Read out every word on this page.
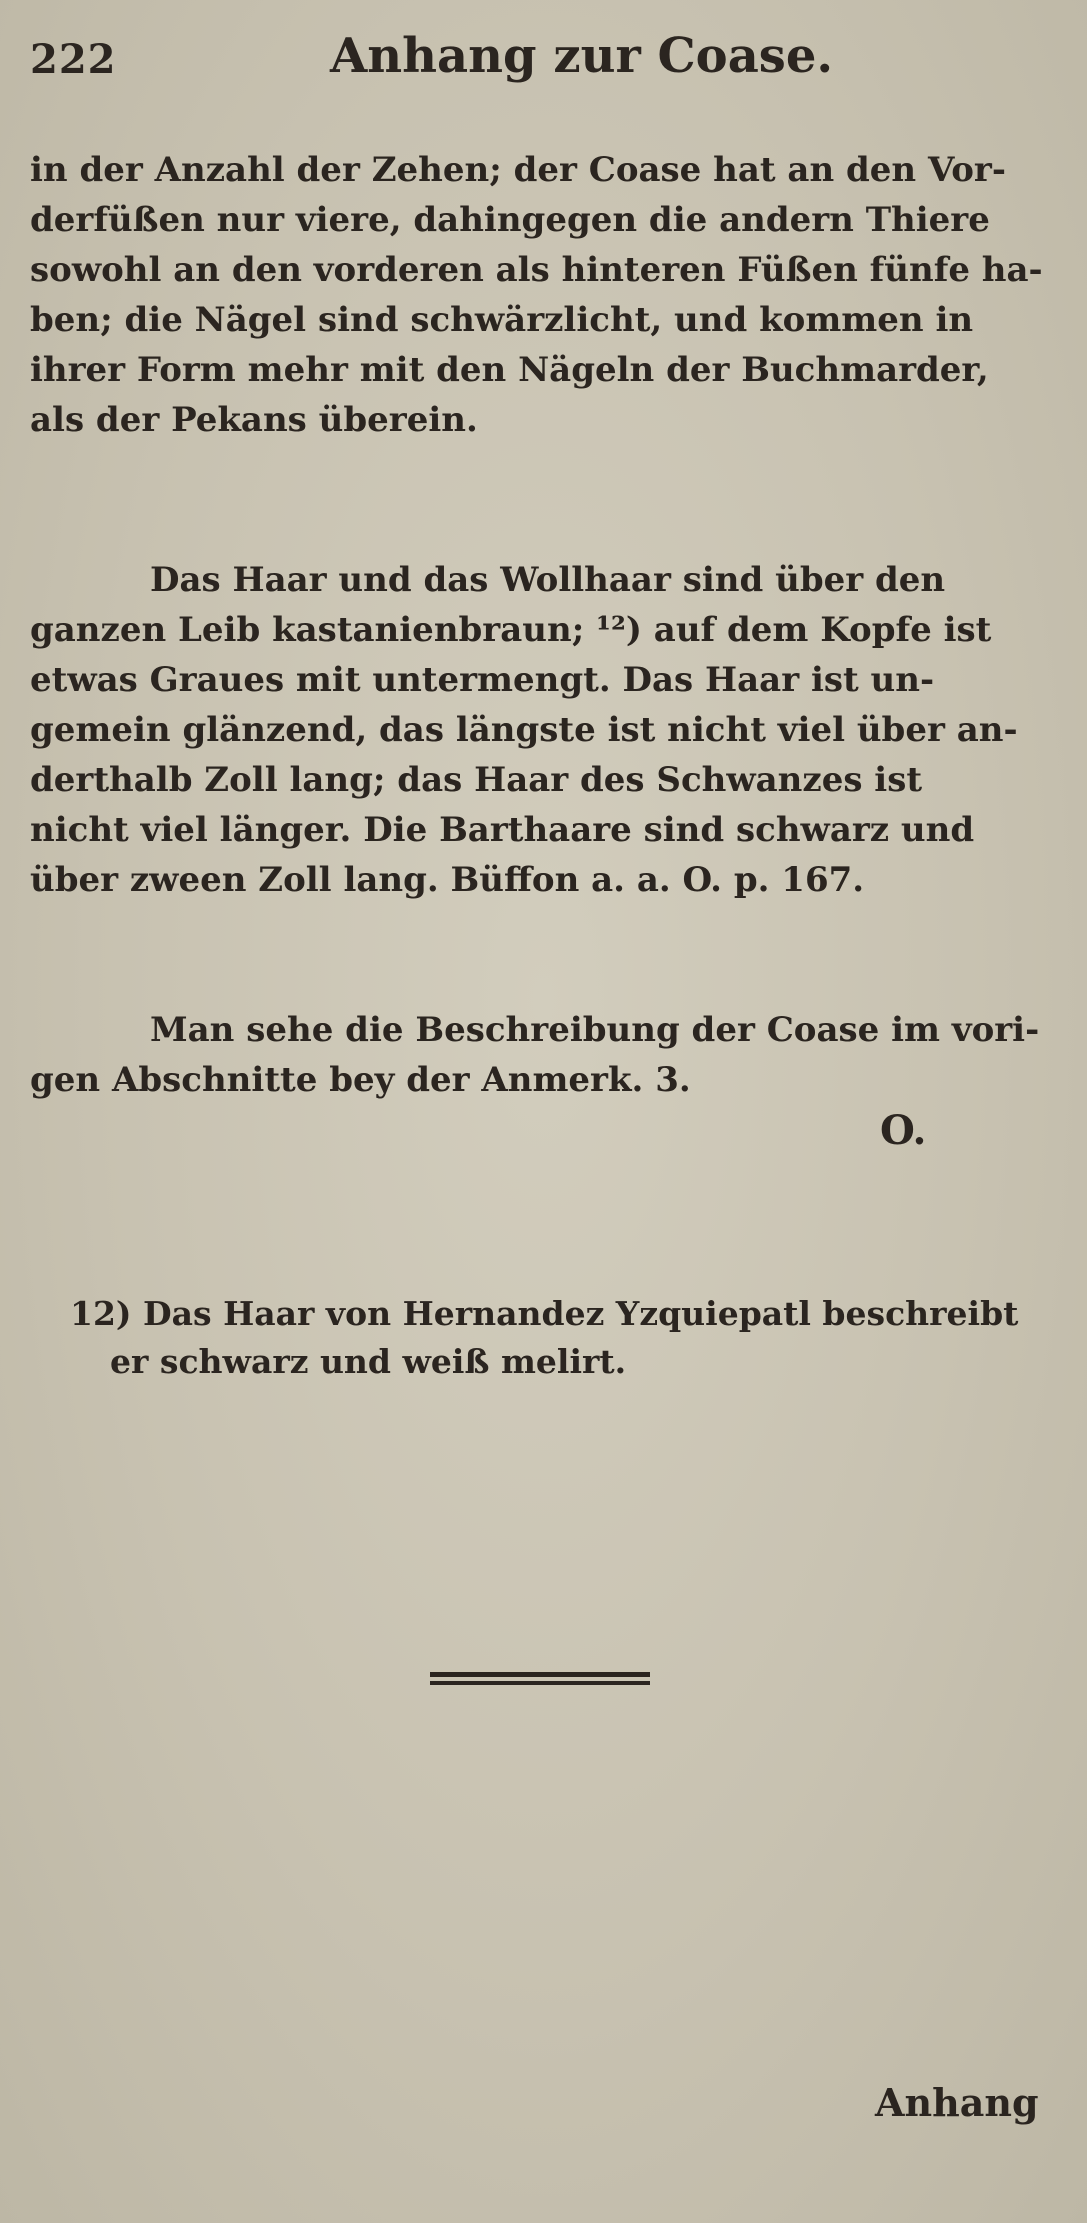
222	Anhang zur Coase.
in der Anzahl der Zehen; der Coase hat an den Vor-
derfüßen nur viere, dahingegen die andern Thiere
sowohl an den vorderen als hinteren Füßen fünfe ha-
ben; die Nägel sind schwärzlicht, und kommen in
ihrer Form mehr mit den Nägeln der Buchmarder,
als der Pekans überein.
Das Haar und das Wollhaar sind über den
ganzen Leib kastanienbraun; ¹²) auf dem Kopfe ist
etwas Graues mit untermengt. Das Haar ist un-
gemein glänzend, das längste ist nicht viel über an-
derthalb Zoll lang; das Haar des Schwanzes ist
nicht viel länger. Die Barthaare sind schwarz und
über zween Zoll lang. Büffon a. a. O. p. 167.
Man sehe die Beschreibung der Coase im vori-
gen Abschnitte bey der Anmerk. 3.
O.
12) Das Haar von Hernandez Yzquiepatl beschreibt
er schwarz und weiß melirt.
Anhang
